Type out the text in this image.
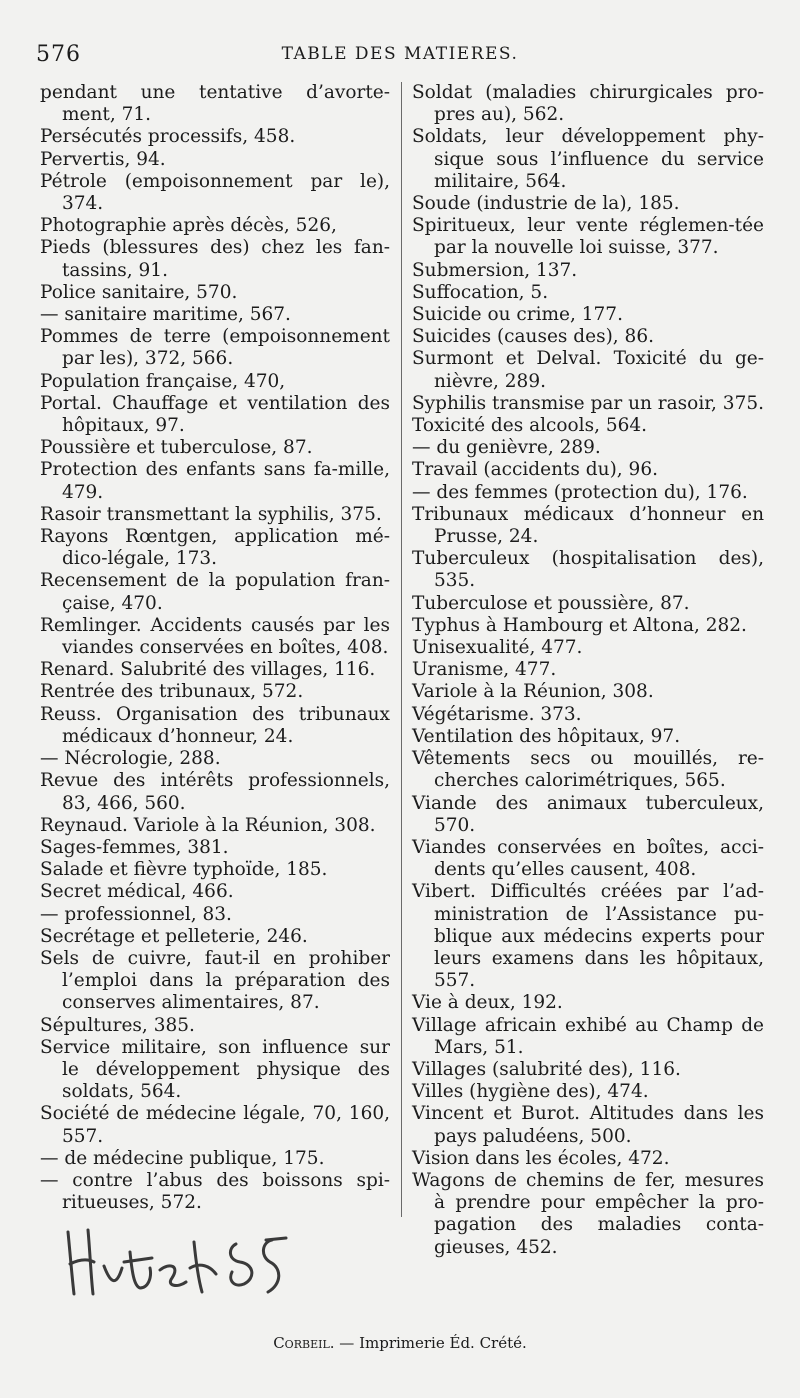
576	TABLE DES MATIERES.

pendant une tentative d’avorte-ment, 71.

Persécutés processifs, 458.

Pervertis, 94.

Pétrole (empoisonnement par le), 374.

Photographie après décès, 526,

Pieds (blessures des) chez les fan-tassins, 91.

Police sanitaire, 570.

— sanitaire maritime, 567.

Pommes de terre (empoisonnement par les), 372, 566.

Population française, 470,

Portal. Chauffage et ventilation des hôpitaux, 97.

Poussière et tuberculose, 87.

Protection des enfants sans fa-mille, 479.

Rasoir transmettant la syphilis, 375.

Rayons Rœntgen, application mé-dico-légale, 173.

Recensement de la population fran-çaise, 470.

Remlinger. Accidents causés par les viandes conservées en boîtes, 408.

Renard. Salubrité des villages, 116.

Rentrée des tribunaux, 572.

Reuss. Organisation des tribunaux médicaux d’honneur, 24.

— Nécrologie, 288.

Revue des intérêts professionnels, 83, 466, 560.

Reynaud. Variole à la Réunion, 308.

Sages-femmes, 381.

Salade et fièvre typhoïde, 185.

Secret médical, 466.

— professionnel, 83.

Secrétage et pelleterie, 246.

Sels de cuivre, faut-il en prohiber l’emploi dans la préparation des conserves alimentaires, 87.

Sépultures, 385.

Service militaire, son influence sur le développement physique des soldats, 564.

Société de médecine légale, 70, 160, 557.

— de médecine publique, 175.

— contre l’abus des boissons spi-ritueuses, 572.

Soldat (maladies chirurgicales pro-pres au), 562.

Soldats, leur développement phy-sique sous l’influence du service militaire, 564.

Soude (industrie de la), 185.

Spiritueux, leur vente réglemen-tée par la nouvelle loi suisse, 377.

Submersion, 137.

Suffocation, 5.

Suicide ou crime, 177.

Suicides (causes des), 86.

Surmont et Delval. Toxicité du ge-nièvre, 289.

Syphilis transmise par un rasoir, 375.

Toxicité des alcools, 564.

— du genièvre, 289.

Travail (accidents du), 96.

— des femmes (protection du), 176.

Tribunaux médicaux d’honneur en Prusse, 24.

Tuberculeux (hospitalisation des), 535.

Tuberculose et poussière, 87.

Typhus à Hambourg et Altona, 282.

Unisexualité, 477.

Uranisme, 477.

Variole à la Réunion, 308.

Végétarisme. 373.

Ventilation des hôpitaux, 97.

Vêtements secs ou mouillés, re-cherches calorimétriques, 565.

Viande des animaux tuberculeux, 570.

Viandes conservées en boîtes, acci-dents qu’elles causent, 408.

Vibert. Difficultés créées par l’ad-ministration de l’Assistance pu-blique aux médecins experts pour leurs examens dans les hôpitaux, 557.

Vie à deux, 192.

Village africain exhibé au Champ de Mars, 51.

Villages (salubrité des), 116.

Villes (hygiène des), 474.

Vincent et Burot. Altitudes dans les pays paludéens, 500.

Vision dans les écoles, 472.

Wagons de chemins de fer, mesures à prendre pour empêcher la pro-pagation des maladies conta-gieuses, 452.

Corbeil. — Imprimerie Éd. Crété.
